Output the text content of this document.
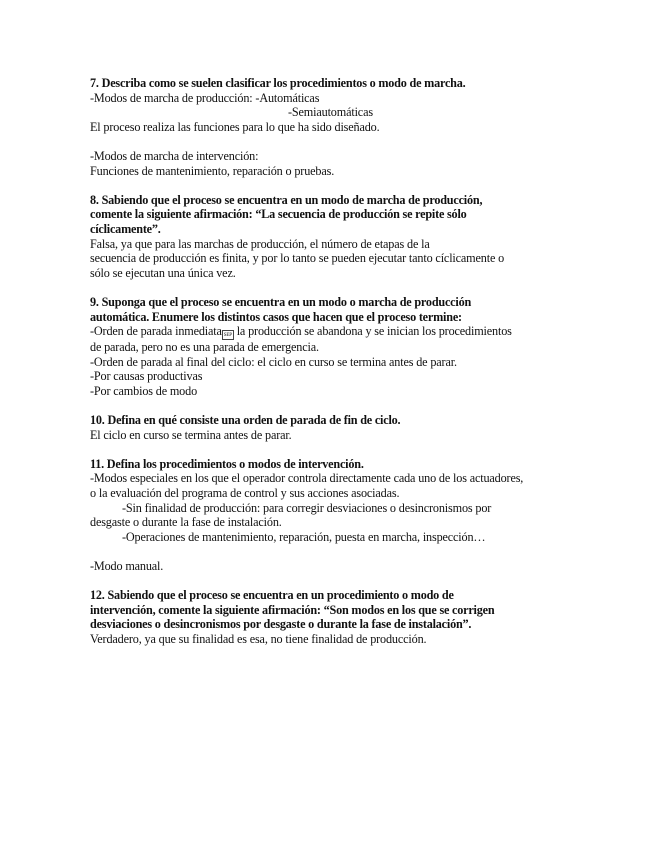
7. Describa como se suelen clasificar los procedimientos o modo de marcha.
-Modos de marcha de producción: -Automáticas
-Semiautomáticas
El proceso realiza las funciones para lo que ha sido diseñado.
-Modos de marcha de intervención:
Funciones de mantenimiento, reparación o pruebas.
8. Sabiendo que el proceso se encuentra en un modo de marcha de producción,
comente la siguiente afirmación: “La secuencia de producción se repite sólo
cíclicamente”.
Falsa, ya que para las marchas de producción, el número de etapas de la
secuencia de producción es finita, y por lo tanto se pueden ejecutar tanto cíclicamente o
sólo se ejecutan una única vez.
9. Suponga que el proceso se encuentra en un modo o marcha de producción
automática. Enumere los distintos casos que hacen que el proceso termine:
-Orden de parada inmediata SEP la producción se abandona y se inician los procedimientos
de parada, pero no es una parada de emergencia.
-Orden de parada al final del ciclo: el ciclo en curso se termina antes de parar.
-Por causas productivas
-Por cambios de modo
10. Defina en qué consiste una orden de parada de fin de ciclo.
El ciclo en curso se termina antes de parar.
11. Defina los procedimientos o modos de intervención.
-Modos especiales en los que el operador controla directamente cada uno de los actuadores,
o la evaluación del programa de control y sus acciones asociadas.
-Sin finalidad de producción: para corregir desviaciones o desincronismos por
desgaste o durante la fase de instalación.
-Operaciones de mantenimiento, reparación, puesta en marcha, inspección…
-Modo manual.
12. Sabiendo que el proceso se encuentra en un procedimiento o modo de
intervención, comente la siguiente afirmación: “Son modos en los que se corrigen
desviaciones o desincronismos por desgaste o durante la fase de instalación”.
Verdadero, ya que su finalidad es esa, no tiene finalidad de producción.
